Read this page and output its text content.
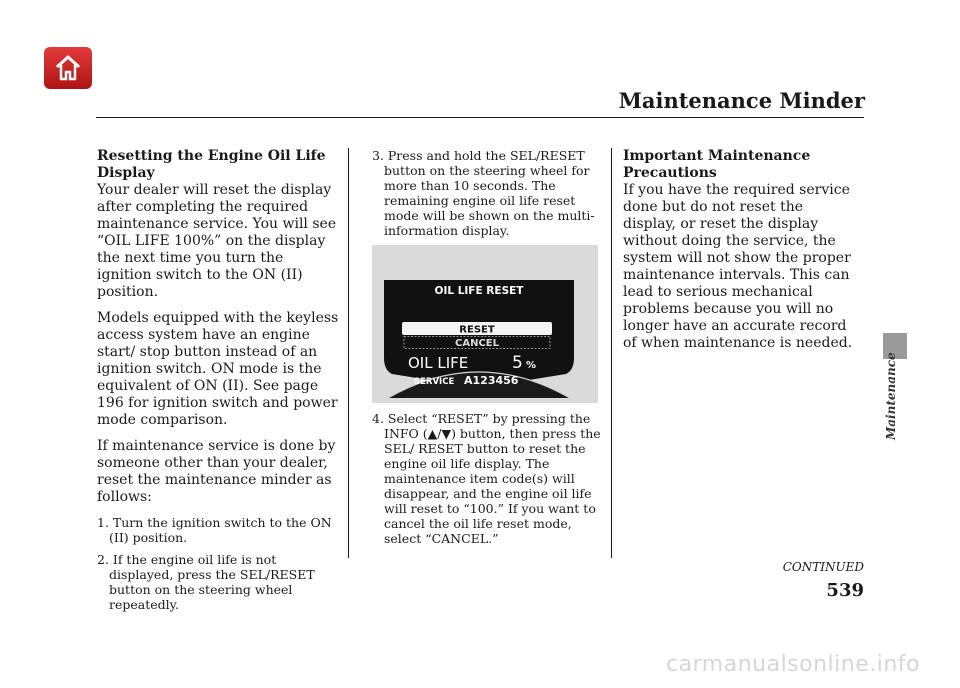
Maintenance Minder

Resetting the Engine Oil Life Display

Your dealer will reset the display after completing the required maintenance service. You will see “OIL LIFE 100%” on the display the next time you turn the ignition switch to the ON (II) position.

Models equipped with the keyless access system have an engine start/ stop button instead of an ignition switch. ON mode is the equivalent of ON (II). See page 196 for ignition switch and power mode comparison.

If maintenance service is done by someone other than your dealer, reset the maintenance minder as follows:

1. Turn the ignition switch to the ON (II) position.

2. If the engine oil life is not displayed, press the SEL/RESET button on the steering wheel repeatedly.

3. Press and hold the SEL/RESET button on the steering wheel for more than 10 seconds. The remaining engine oil life reset mode will be shown on the multi-information display.

OIL LIFE RESET
RESET
CANCEL
OIL LIFE	5 %
SERVICE A123456

4. Select “RESET” by pressing the INFO (▲/▼) button, then press the SEL/ RESET button to reset the engine oil life display. The maintenance item code(s) will disappear, and the engine oil life will reset to “100.” If you want to cancel the oil life reset mode, select “CANCEL.”

Important Maintenance Precautions

If you have the required service done but do not reset the display, or reset the display without doing the service, the system will not show the proper maintenance intervals. This can lead to serious mechanical problems because you will no longer have an accurate record of when maintenance is needed.

Maintenance
CONTINUED
539
carmanualsonline.info
